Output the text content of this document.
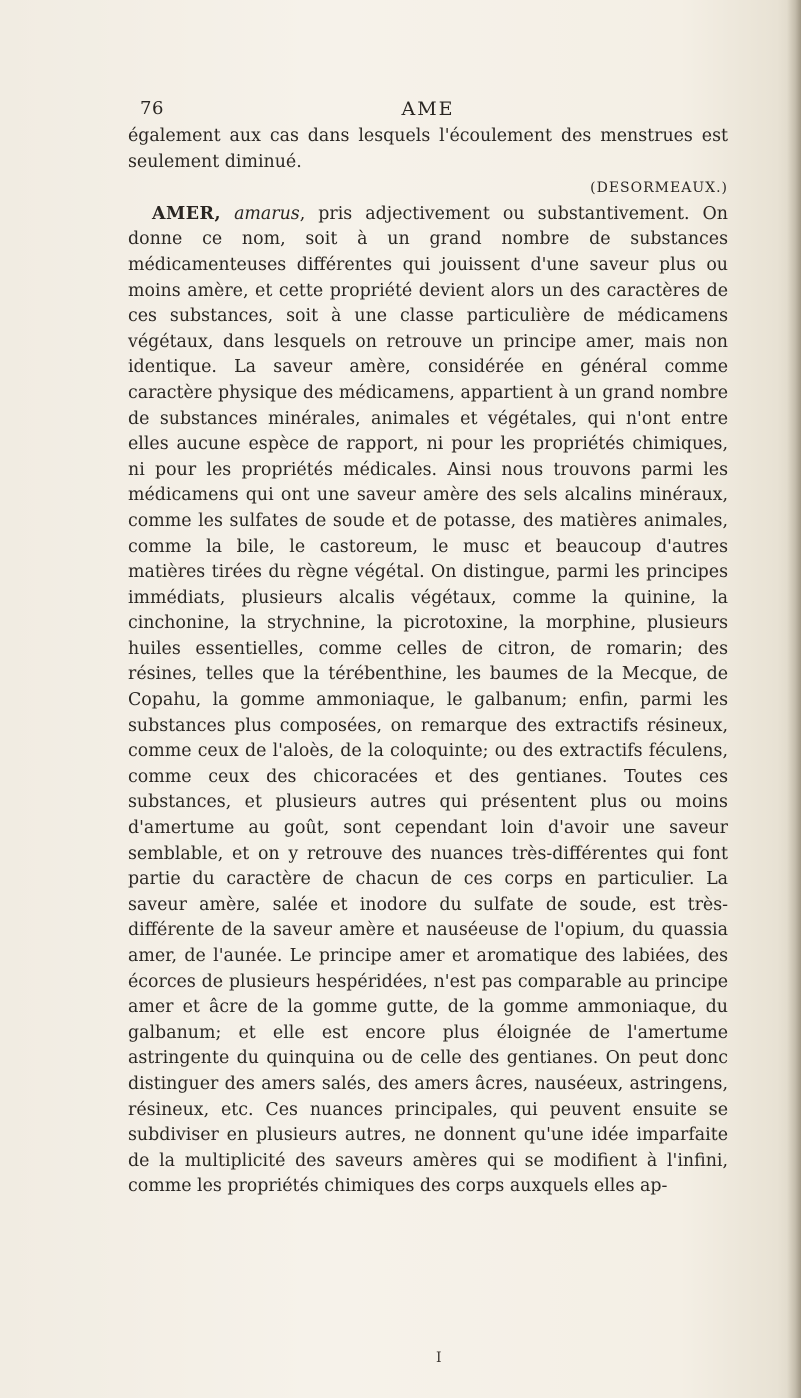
76	AME

également aux cas dans lesquels l'écoulement des menstrues est seulement diminué.

(DESORMEAUX.)

AMER, amarus, pris adjectivement ou substantivement. On donne ce nom, soit à un grand nombre de substances médicamenteuses différentes qui jouissent d'une saveur plus ou moins amère, et cette propriété devient alors un des caractères de ces substances, soit à une classe particulière de médicamens végétaux, dans lesquels on retrouve un principe amer, mais non identique. La saveur amère, considérée en général comme caractère physique des médicamens, appartient à un grand nombre de substances minérales, animales et végétales, qui n'ont entre elles aucune espèce de rapport, ni pour les propriétés chimiques, ni pour les propriétés médicales. Ainsi nous trouvons parmi les médicamens qui ont une saveur amère des sels alcalins minéraux, comme les sulfates de soude et de potasse, des matières animales, comme la bile, le castoreum, le musc et beaucoup d'autres matières tirées du règne végétal. On distingue, parmi les principes immédiats, plusieurs alcalis végétaux, comme la quinine, la cinchonine, la strychnine, la picrotoxine, la morphine, plusieurs huiles essentielles, comme celles de citron, de romarin; des résines, telles que la térébenthine, les baumes de la Mecque, de Copahu, la gomme ammoniaque, le galbanum; enfin, parmi les substances plus composées, on remarque des extractifs résineux, comme ceux de l'aloès, de la coloquinte; ou des extractifs féculens, comme ceux des chicoracées et des gentianes. Toutes ces substances, et plusieurs autres qui présentent plus ou moins d'amertume au goût, sont cependant loin d'avoir une saveur semblable, et on y retrouve des nuances très-différentes qui font partie du caractère de chacun de ces corps en particulier. La saveur amère, salée et inodore du sulfate de soude, est très-différente de la saveur amère et nauséeuse de l'opium, du quassia amer, de l'aunée. Le principe amer et aromatique des labiées, des écorces de plusieurs hespéridées, n'est pas comparable au principe amer et âcre de la gomme gutte, de la gomme ammoniaque, du galbanum; et elle est encore plus éloignée de l'amertume astringente du quinquina ou de celle des gentianes. On peut donc distinguer des amers salés, des amers âcres, nauséeux, astringens, résineux, etc. Ces nuances principales, qui peuvent ensuite se subdiviser en plusieurs autres, ne donnent qu'une idée imparfaite de la multiplicité des saveurs amères qui se modifient à l'infini, comme les propriétés chimiques des corps auxquels elles ap-

I
